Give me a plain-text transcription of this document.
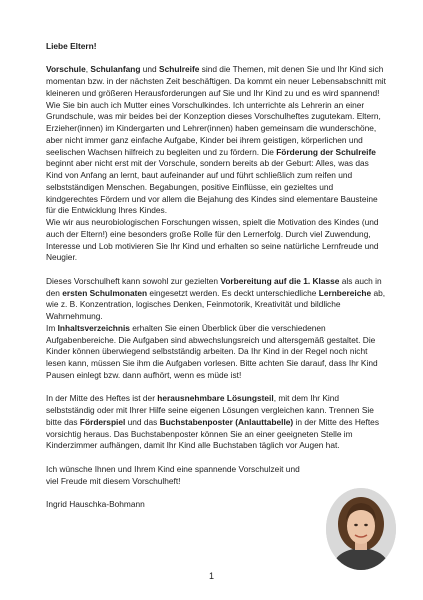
Liebe Eltern!

Vorschule, Schulanfang und Schulreife sind die Themen, mit denen Sie und Ihr Kind sich momentan bzw. in der nächsten Zeit beschäftigen. Da kommt ein neuer Lebensabschnitt mit kleineren und größeren Herausforderungen auf Sie und Ihr Kind zu und es wird spannend! Wie Sie bin auch ich Mutter eines Vorschulkindes. Ich unterrichte als Lehrerin an einer Grundschule, was mir beides bei der Konzeption dieses Vorschulheftes zugutekam. Eltern, Erzieher(innen) im Kindergarten und Lehrer(innen) haben gemeinsam die wunderschöne, aber nicht immer ganz einfache Aufgabe, Kinder bei ihrem geistigen, körperlichen und seelischen Wachsen hilfreich zu begleiten und zu fördern. Die Förderung der Schulreife beginnt aber nicht erst mit der Vorschule, sondern bereits ab der Geburt: Alles, was das Kind von Anfang an lernt, baut aufeinander auf und führt schließlich zum reifen und selbstständigen Menschen. Begabungen, positive Einflüsse, ein gezieltes und kindgerechtes Fördern und vor allem die Bejahung des Kindes sind elementare Bausteine für die Entwicklung Ihres Kindes.
Wie wir aus neurobiologischen Forschungen wissen, spielt die Motivation des Kindes (und auch der Eltern!) eine besonders große Rolle für den Lernerfolg. Durch viel Zuwendung, Interesse und Lob motivieren Sie Ihr Kind und erhalten so seine natürliche Lernfreude und Neugier.

Dieses Vorschulheft kann sowohl zur gezielten Vorbereitung auf die 1. Klasse als auch in den ersten Schulmonaten eingesetzt werden. Es deckt unterschiedliche Lernbereiche ab, wie z. B. Konzentration, logisches Denken, Feinmotorik, Kreativität und bildliche Wahrnehmung.
Im Inhaltsverzeichnis erhalten Sie einen Überblick über die verschiedenen Aufgabenbereiche. Die Aufgaben sind abwechslungsreich und altersgemäß gestaltet. Die Kinder können überwiegend selbstständig arbeiten. Da Ihr Kind in der Regel noch nicht lesen kann, müssen Sie ihm die Aufgaben vorlesen. Bitte achten Sie darauf, dass Ihr Kind Pausen einlegt bzw. dann aufhört, wenn es müde ist!

In der Mitte des Heftes ist der herausnehmbare Lösungsteil, mit dem Ihr Kind selbstständig oder mit Ihrer Hilfe seine eigenen Lösungen vergleichen kann. Trennen Sie bitte das Förderspiel und das Buchstabenposter (Anlauttabelle) in der Mitte des Heftes vorsichtig heraus. Das Buchstabenposter können Sie an einer geeigneten Stelle im Kinderzimmer aufhängen, damit Ihr Kind alle Buchstaben täglich vor Augen hat.

Ich wünsche Ihnen und Ihrem Kind eine spannende Vorschulzeit und viel Freude mit diesem Vorschulheft!

Ingrid Hauschka-Bohmann
1
